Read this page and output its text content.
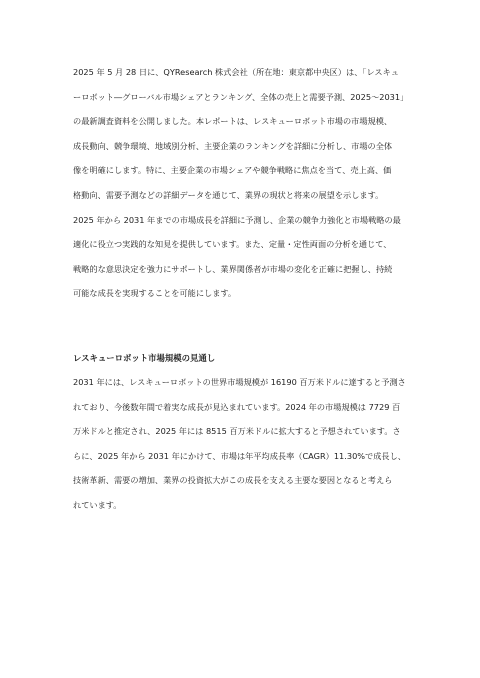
2025 年 5 月 28 日に、QYResearch 株式会社（所在地：東京都中央区）は、「レスキュ
ーロボット―グローバル市場シェアとランキング、全体の売上と需要予測、2025〜2031」
の最新調査資料を公開しました。本レポートは、レスキューロボット市場の市場規模、
成長動向、競争環境、地域別分析、主要企業のランキングを詳細に分析し、市場の全体
像を明確にします。特に、主要企業の市場シェアや競争戦略に焦点を当て、売上高、価
格動向、需要予測などの詳細データを通じて、業界の現状と将来の展望を示します。
2025 年から 2031 年までの市場成長を詳細に予測し、企業の競争力強化と市場戦略の最
適化に役立つ実践的な知見を提供しています。また、定量・定性両面の分析を通じて、
戦略的な意思決定を強力にサポートし、業界関係者が市場の変化を正確に把握し、持続
可能な成長を実現することを可能にします。
レスキューロボット市場規模の見通し
2031 年には、レスキューロボットの世界市場規模が 16190 百万米ドルに達すると予測さ
れており、今後数年間で着実な成長が見込まれています。2024 年の市場規模は 7729 百
万米ドルと推定され、2025 年には 8515 百万米ドルに拡大すると予想されています。さ
らに、2025 年から 2031 年にかけて、市場は年平均成長率（CAGR）11.30%で成長し、
技術革新、需要の増加、業界の投資拡大がこの成長を支える主要な要因となると考えら
れています。
